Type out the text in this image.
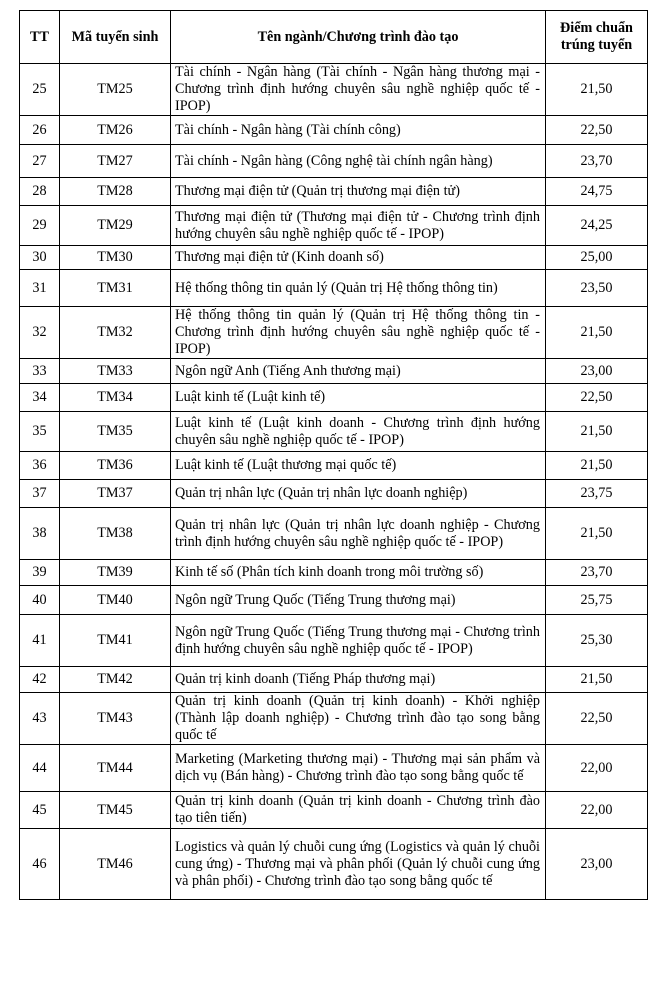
TT	Mã tuyển sinh	Tên ngành/Chương trình đào tạo	Điểm chuẩn trúng tuyển
25	TM25	Tài chính - Ngân hàng (Tài chính - Ngân hàng thương mại - Chương trình định hướng chuyên sâu nghề nghiệp quốc tế - IPOP)	21,50
26	TM26	Tài chính - Ngân hàng (Tài chính công)	22,50
27	TM27	Tài chính - Ngân hàng (Công nghệ tài chính ngân hàng)	23,70
28	TM28	Thương mại điện tử (Quản trị thương mại điện tử)	24,75
29	TM29	Thương mại điện tử (Thương mại điện tử - Chương trình định hướng chuyên sâu nghề nghiệp quốc tế - IPOP)	24,25
30	TM30	Thương mại điện tử (Kinh doanh số)	25,00
31	TM31	Hệ thống thông tin quản lý (Quản trị Hệ thống thông tin)	23,50
32	TM32	Hệ thống thông tin quản lý (Quản trị Hệ thống thông tin - Chương trình định hướng chuyên sâu nghề nghiệp quốc tế - IPOP)	21,50
33	TM33	Ngôn ngữ Anh (Tiếng Anh thương mại)	23,00
34	TM34	Luật kinh tế (Luật kinh tế)	22,50
35	TM35	Luật kinh tế (Luật kinh doanh - Chương trình định hướng chuyên sâu nghề nghiệp quốc tế - IPOP)	21,50
36	TM36	Luật kinh tế (Luật thương mại quốc tế)	21,50
37	TM37	Quản trị nhân lực (Quản trị nhân lực doanh nghiệp)	23,75
38	TM38	Quản trị nhân lực (Quản trị nhân lực doanh nghiệp - Chương trình định hướng chuyên sâu nghề nghiệp quốc tế - IPOP)	21,50
39	TM39	Kinh tế số (Phân tích kinh doanh trong môi trường số)	23,70
40	TM40	Ngôn ngữ Trung Quốc (Tiếng Trung thương mại)	25,75
41	TM41	Ngôn ngữ Trung Quốc (Tiếng Trung thương mại - Chương trình định hướng chuyên sâu nghề nghiệp quốc tế - IPOP)	25,30
42	TM42	Quản trị kinh doanh (Tiếng Pháp thương mại)	21,50
43	TM43	Quản trị kinh doanh (Quản trị kinh doanh) - Khởi nghiệp (Thành lập doanh nghiệp) - Chương trình đào tạo song bằng quốc tế	22,50
44	TM44	Marketing (Marketing thương mại) - Thương mại sản phẩm và dịch vụ (Bán hàng) - Chương trình đào tạo song bằng quốc tế	22,00
45	TM45	Quản trị kinh doanh (Quản trị kinh doanh - Chương trình đào tạo tiên tiến)	22,00
46	TM46	Logistics và quản lý chuỗi cung ứng (Logistics và quản lý chuỗi cung ứng) - Thương mại và phân phối (Quản lý chuỗi cung ứng và phân phối) - Chương trình đào tạo song bằng quốc tế	23,00
